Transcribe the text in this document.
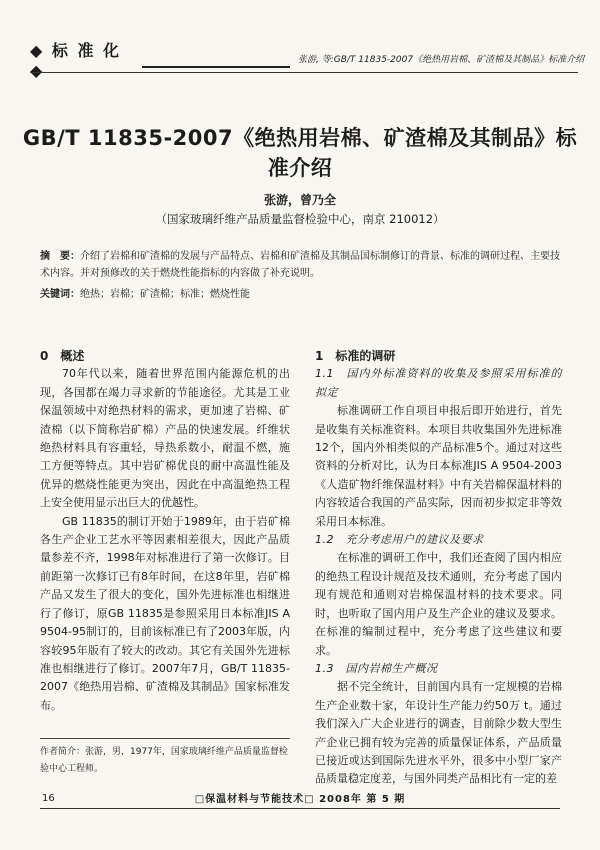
◆ 标 准 化 ◆
张游, 等:GB/T 11835-2007《绝热用岩棉、矿渣棉及其制品》标准介绍
GB/T 11835-2007《绝热用岩棉、矿渣棉及其制品》标准介绍
张游，曾乃全
（国家玻璃纤维产品质量监督检验中心，南京 210012）
摘　要：介绍了岩棉和矿渣棉的发展与产品特点、岩棉和矿渣棉及其制品国标制修订的背景、标准的调研过程、主要技术内容。并对预修改的关于燃烧性能指标的内容做了补充说明。
关键词：绝热；岩棉；矿渣棉；标准；燃烧性能

0　概述

70年代以来，随着世界范围内能源危机的出现，各国都在竭力寻求新的节能途径。尤其是工业保温领域中对绝热材料的需求，更加速了岩棉、矿渣棉（以下简称岩矿棉）产品的快速发展。纤维状绝热材料具有容重轻，导热系数小，耐温不燃，施工方便等特点。其中岩矿棉优良的耐中高温性能及优异的燃烧性能更为突出，因此在中高温绝热工程上安全使用显示出巨大的优越性。

GB 11835的制订开始于1989年，由于岩矿棉各生产企业工艺水平等因素相差很大，因此产品质量参差不齐，1998年对标准进行了第一次修订。目前距第一次修订已有8年时间，在这8年里，岩矿棉产品又发生了很大的变化，国外先进标准也相继进行了修订，原GB 11835是参照采用日本标准JIS A 9504-95制订的，目前该标准已有了2003年版，内容较95年版有了较大的改动。其它有关国外先进标准也相继进行了修订。2007年7月，GB/T 11835-2007《绝热用岩棉、矿渣棉及其制品》国家标准发布。

1　标准的调研

1.1　国内外标准资料的收集及参照采用标准的拟定

标准调研工作自项目申报后即开始进行，首先是收集有关标准资料。本项目共收集国外先进标准12个，国内外相类似的产品标准5个。通过对这些资料的分析对比，认为日本标准JIS A 9504-2003《人造矿物纤维保温材料》中有关岩棉保温材料的内容较适合我国的产品实际，因而初步拟定非等效采用日本标准。

1.2　充分考虑用户的建议及要求

在标准的调研工作中，我们还查阅了国内相应的绝热工程设计规范及技术通则，充分考虑了国内现有规范和通则对岩棉保温材料的技术要求。同时，也听取了国内用户及生产企业的建议及要求。在标准的编制过程中，充分考虑了这些建议和要求。

1.3　国内岩棉生产概况

据不完全统计，目前国内具有一定规模的岩棉生产企业数十家，年设计生产能力约50万 t。通过我们深入广大企业进行的调查，目前除少数大型生产企业已拥有较为完善的质量保证体系，产品质量已接近或达到国际先进水平外，很多中小型厂家产品质量稳定度差，与国外同类产品相比有一定的差

作者简介：张游，男，1977年，国家玻璃纤维产品质量监督检验中心工程师。
16	□保温材料与节能技术□ 2008年 第 5 期
